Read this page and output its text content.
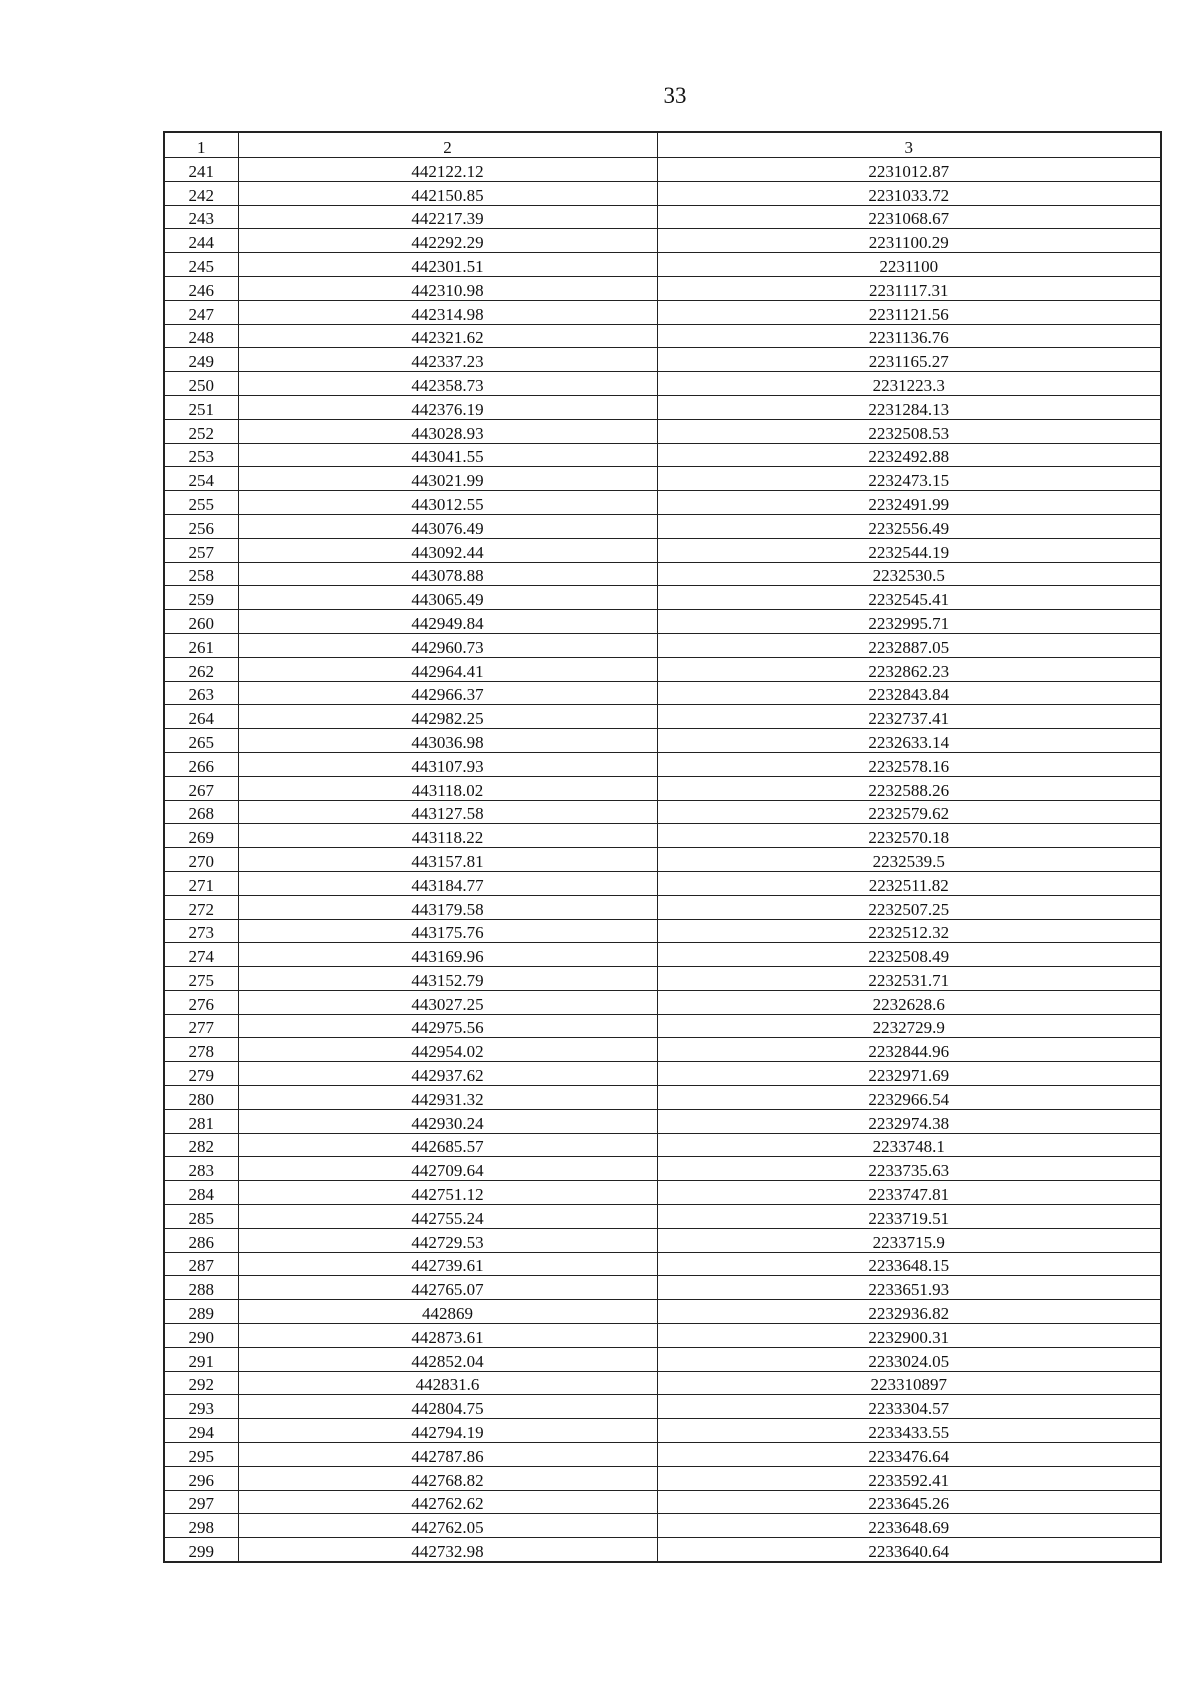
33
1	2	3
241	442122.12	2231012.87
242	442150.85	2231033.72
243	442217.39	2231068.67
244	442292.29	2231100.29
245	442301.51	2231100
246	442310.98	2231117.31
247	442314.98	2231121.56
248	442321.62	2231136.76
249	442337.23	2231165.27
250	442358.73	2231223.3
251	442376.19	2231284.13
252	443028.93	2232508.53
253	443041.55	2232492.88
254	443021.99	2232473.15
255	443012.55	2232491.99
256	443076.49	2232556.49
257	443092.44	2232544.19
258	443078.88	2232530.5
259	443065.49	2232545.41
260	442949.84	2232995.71
261	442960.73	2232887.05
262	442964.41	2232862.23
263	442966.37	2232843.84
264	442982.25	2232737.41
265	443036.98	2232633.14
266	443107.93	2232578.16
267	443118.02	2232588.26
268	443127.58	2232579.62
269	443118.22	2232570.18
270	443157.81	2232539.5
271	443184.77	2232511.82
272	443179.58	2232507.25
273	443175.76	2232512.32
274	443169.96	2232508.49
275	443152.79	2232531.71
276	443027.25	2232628.6
277	442975.56	2232729.9
278	442954.02	2232844.96
279	442937.62	2232971.69
280	442931.32	2232966.54
281	442930.24	2232974.38
282	442685.57	2233748.1
283	442709.64	2233735.63
284	442751.12	2233747.81
285	442755.24	2233719.51
286	442729.53	2233715.9
287	442739.61	2233648.15
288	442765.07	2233651.93
289	442869	2232936.82
290	442873.61	2232900.31
291	442852.04	2233024.05
292	442831.6	223310897
293	442804.75	2233304.57
294	442794.19	2233433.55
295	442787.86	2233476.64
296	442768.82	2233592.41
297	442762.62	2233645.26
298	442762.05	2233648.69
299	442732.98	2233640.64
